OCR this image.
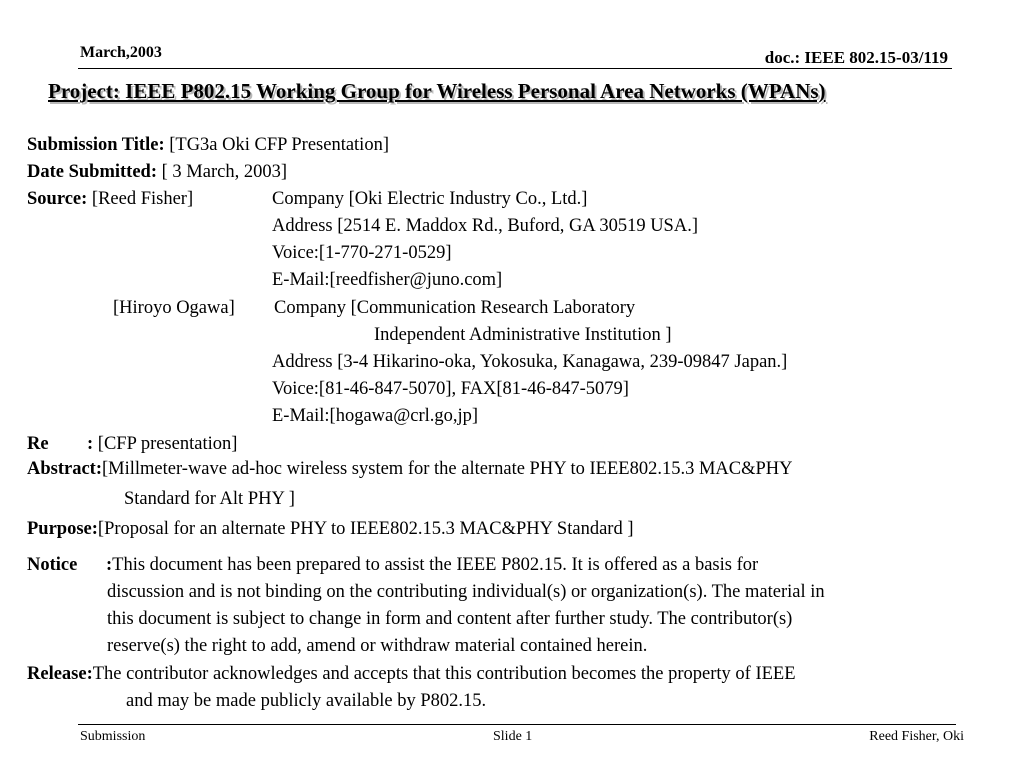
March,2003	doc.: IEEE 802.15-03/119
Project: IEEE P802.15 Working Group for Wireless Personal Area Networks (WPANs)
Submission Title: [TG3a Oki CFP Presentation]
Date Submitted: [ 3 March, 2003]
Source: [Reed Fisher]	Company [Oki Electric Industry Co., Ltd.]
Address [2514 E. Maddox Rd., Buford, GA 30519 USA.]
Voice:[1-770-271-0529]
E-Mail:[reedfisher@juno.com]
[Hiroyo Ogawa] Company [Communication Research Laboratory
Independent Administrative Institution ]
Address [3-4 Hikarino-oka, Yokosuka, Kanagawa, 239-09847 Japan.]
Voice:[81-46-847-5070], FAX[81-46-847-5079]
E-Mail:[hogawa@crl.go,jp]
Re : [CFP presentation]
Abstract:[Millmeter-wave ad-hoc wireless system for the alternate PHY to IEEE802.15.3 MAC&PHY
Standard for Alt PHY ]
Purpose:[Proposal for an alternate PHY to IEEE802.15.3 MAC&PHY Standard ]
Notice :This document has been prepared to assist the IEEE P802.15. It is offered as a basis for
discussion and is not binding on the contributing individual(s) or organization(s). The material in
this document is subject to change in form and content after further study. The contributor(s)
reserve(s) the right to add, amend or withdraw material contained herein.
Release:The contributor acknowledges and accepts that this contribution becomes the property of IEEE
and may be made publicly available by P802.15.
Submission	Slide 1	Reed Fisher, Oki
